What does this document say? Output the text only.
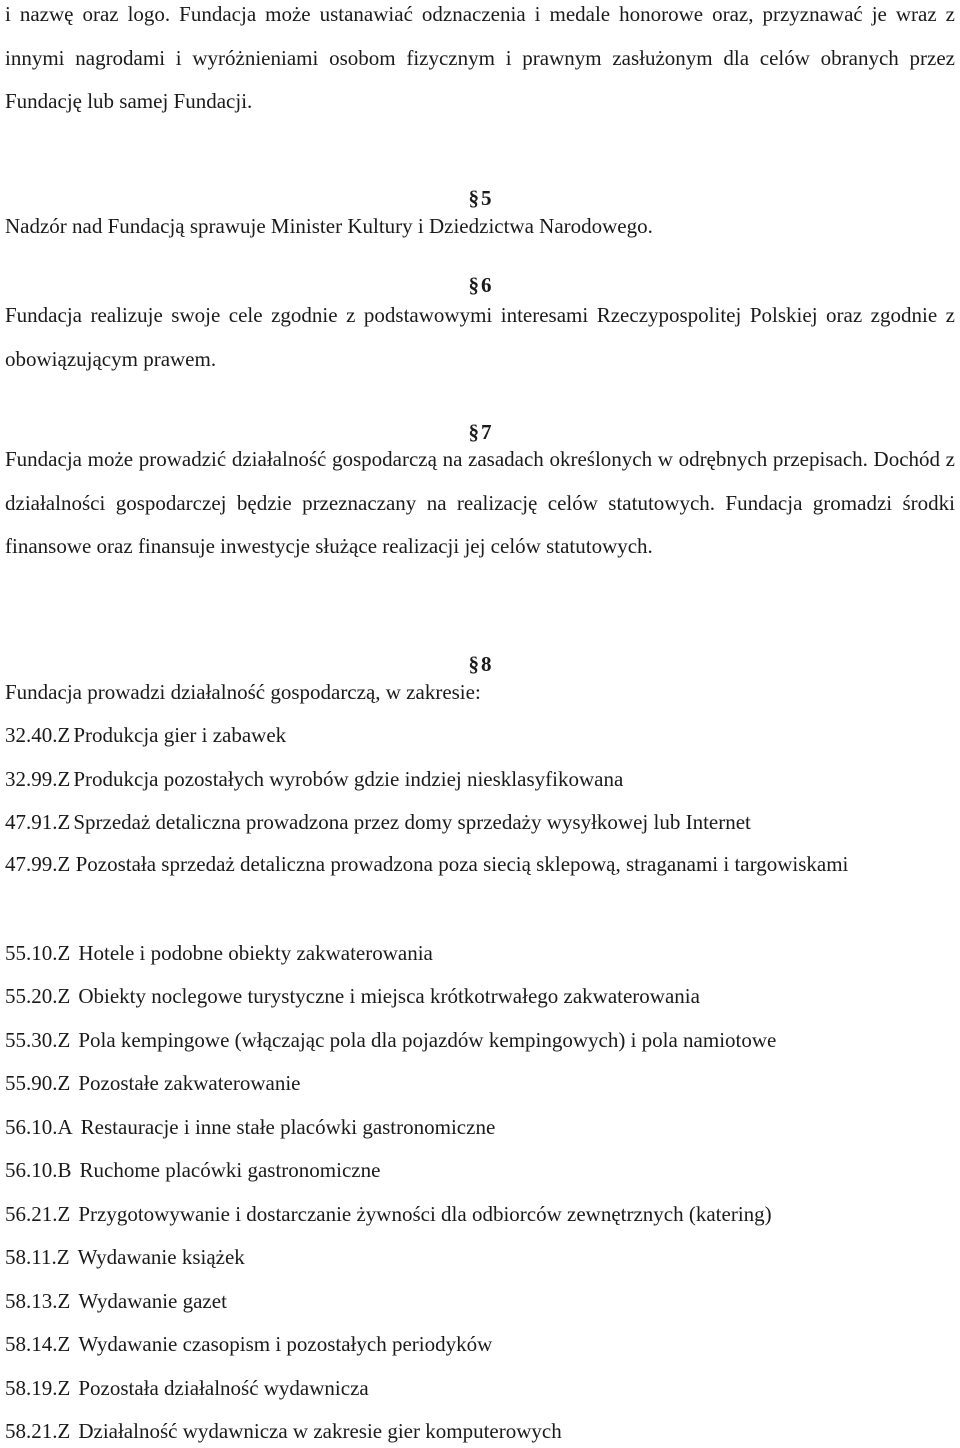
i nazwę oraz logo. Fundacja może ustanawiać odznaczenia i medale honorowe oraz, przyznawać je wraz z innymi nagrodami i wyróżnieniami osobom fizycznym i prawnym zasłużonym dla celów obranych przez Fundację lub samej Fundacji.

§5

Nadzór nad Fundacją sprawuje Minister Kultury i Dziedzictwa Narodowego.

§6

Fundacja realizuje swoje cele zgodnie z podstawowymi interesami Rzeczypospolitej Polskiej oraz zgodnie z obowiązującym prawem.

§7

Fundacja może prowadzić działalność gospodarczą na zasadach określonych w odrębnych przepisach. Dochód z działalności gospodarczej będzie przeznaczany na realizację celów statutowych. Fundacja gromadzi środki finansowe oraz finansuje inwestycje służące realizacji jej celów statutowych.

§8

Fundacja prowadzi działalność gospodarczą, w zakresie:

32.40.Z Produkcja gier i zabawek

32.99.Z Produkcja pozostałych wyrobów gdzie indziej niesklasyfikowana

47.91.Z Sprzedaż detaliczna prowadzona przez domy sprzedaży wysyłkowej lub Internet

47.99.Z Pozostała sprzedaż detaliczna prowadzona poza siecią sklepową, straganami i targowiskami

55.10.Z Hotele i podobne obiekty zakwaterowania

55.20.Z Obiekty noclegowe turystyczne i miejsca krótkotrwałego zakwaterowania

55.30.Z Pola kempingowe (włączając pola dla pojazdów kempingowych) i pola namiotowe

55.90.Z Pozostałe zakwaterowanie

56.10.A Restauracje i inne stałe placówki gastronomiczne

56.10.B Ruchome placówki gastronomiczne

56.21.Z Przygotowywanie i dostarczanie żywności dla odbiorców zewnętrznych (katering)

58.11.Z Wydawanie książek

58.13.Z Wydawanie gazet

58.14.Z Wydawanie czasopism i pozostałych periodyków

58.19.Z Pozostała działalność wydawnicza

58.21.Z Działalność wydawnicza w zakresie gier komputerowych
